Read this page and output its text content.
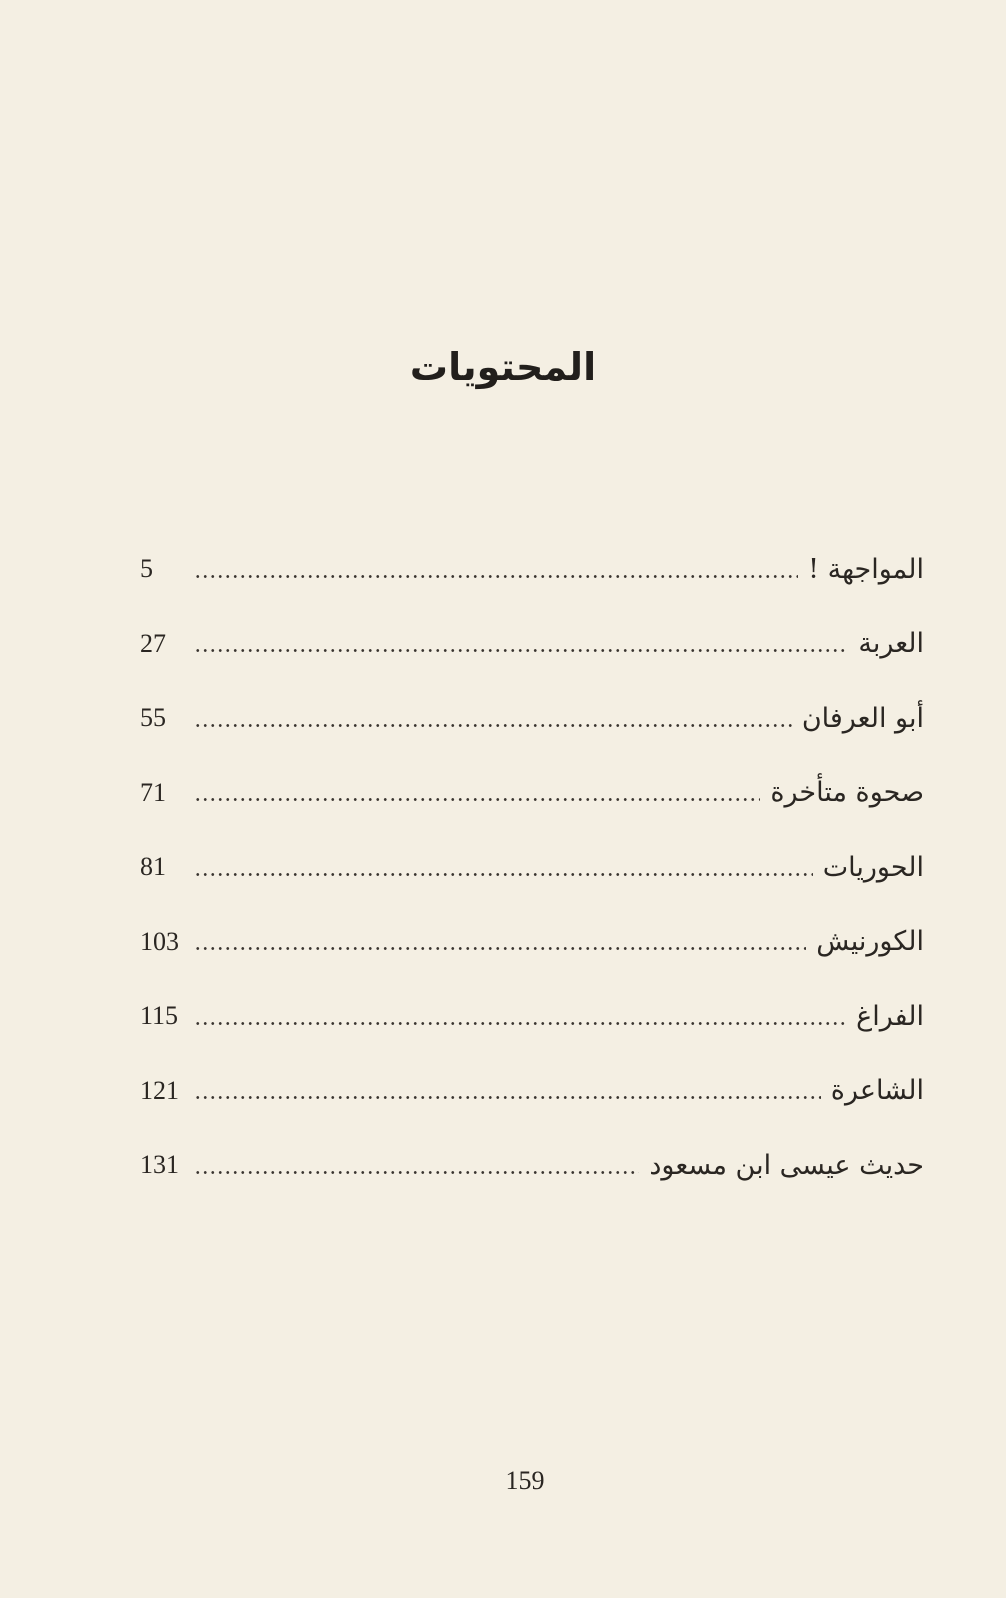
المحتويات
المواجهة !
5
العربة
27
أبو العرفان
55
صحوة متأخرة
71
الحوريات
81
الكورنيش
103
الفراغ
115
الشاعرة
121
حديث عيسى ابن مسعود
131
159
